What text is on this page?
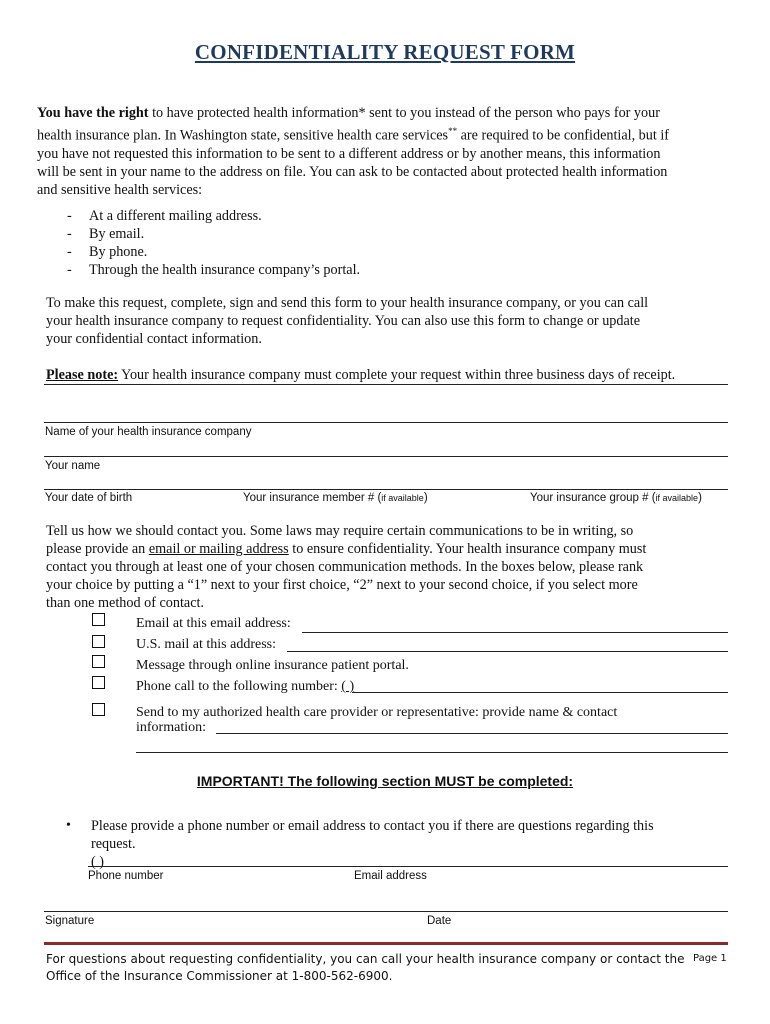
CONFIDENTIALITY REQUEST FORM
You have the right to have protected health information* sent to you instead of the person who pays for your
health insurance plan. In Washington state, sensitive health care services** are required to be confidential, but if
you have not requested this information to be sent to a different address or by another means, this information
will be sent in your name to the address on file. You can ask to be contacted about protected health information
and sensitive health services:
- At a different mailing address.
- By email.
- By phone.
- Through the health insurance company’s portal.
To make this request, complete, sign and send this form to your health insurance company, or you can call
your health insurance company to request confidentiality. You can also use this form to change or update
your confidential contact information.
Please note: Your health insurance company must complete your request within three business days of receipt.
Name of your health insurance company
Your name
Your date of birth	Your insurance member # (if available)	Your insurance group # (if available)
Tell us how we should contact you. Some laws may require certain communications to be in writing, so
please provide an email or mailing address to ensure confidentiality. Your health insurance company must
contact you through at least one of your chosen communication methods. In the boxes below, please rank
your choice by putting a “1” next to your first choice, “2” next to your second choice, if you select more
than one method of contact.
Email at this email address:
U.S. mail at this address:
Message through online insurance patient portal.
Phone call to the following number: ( )
Send to my authorized health care provider or representative: provide name & contact
information:
IMPORTANT! The following section MUST be completed:
• Please provide a phone number or email address to contact you if there are questions regarding this
request.
( )
Phone number	Email address
Signature	Date
For questions about requesting confidentiality, you can call your health insurance company or contact the
Office of the Insurance Commissioner at 1-800-562-6900.
Page 1
